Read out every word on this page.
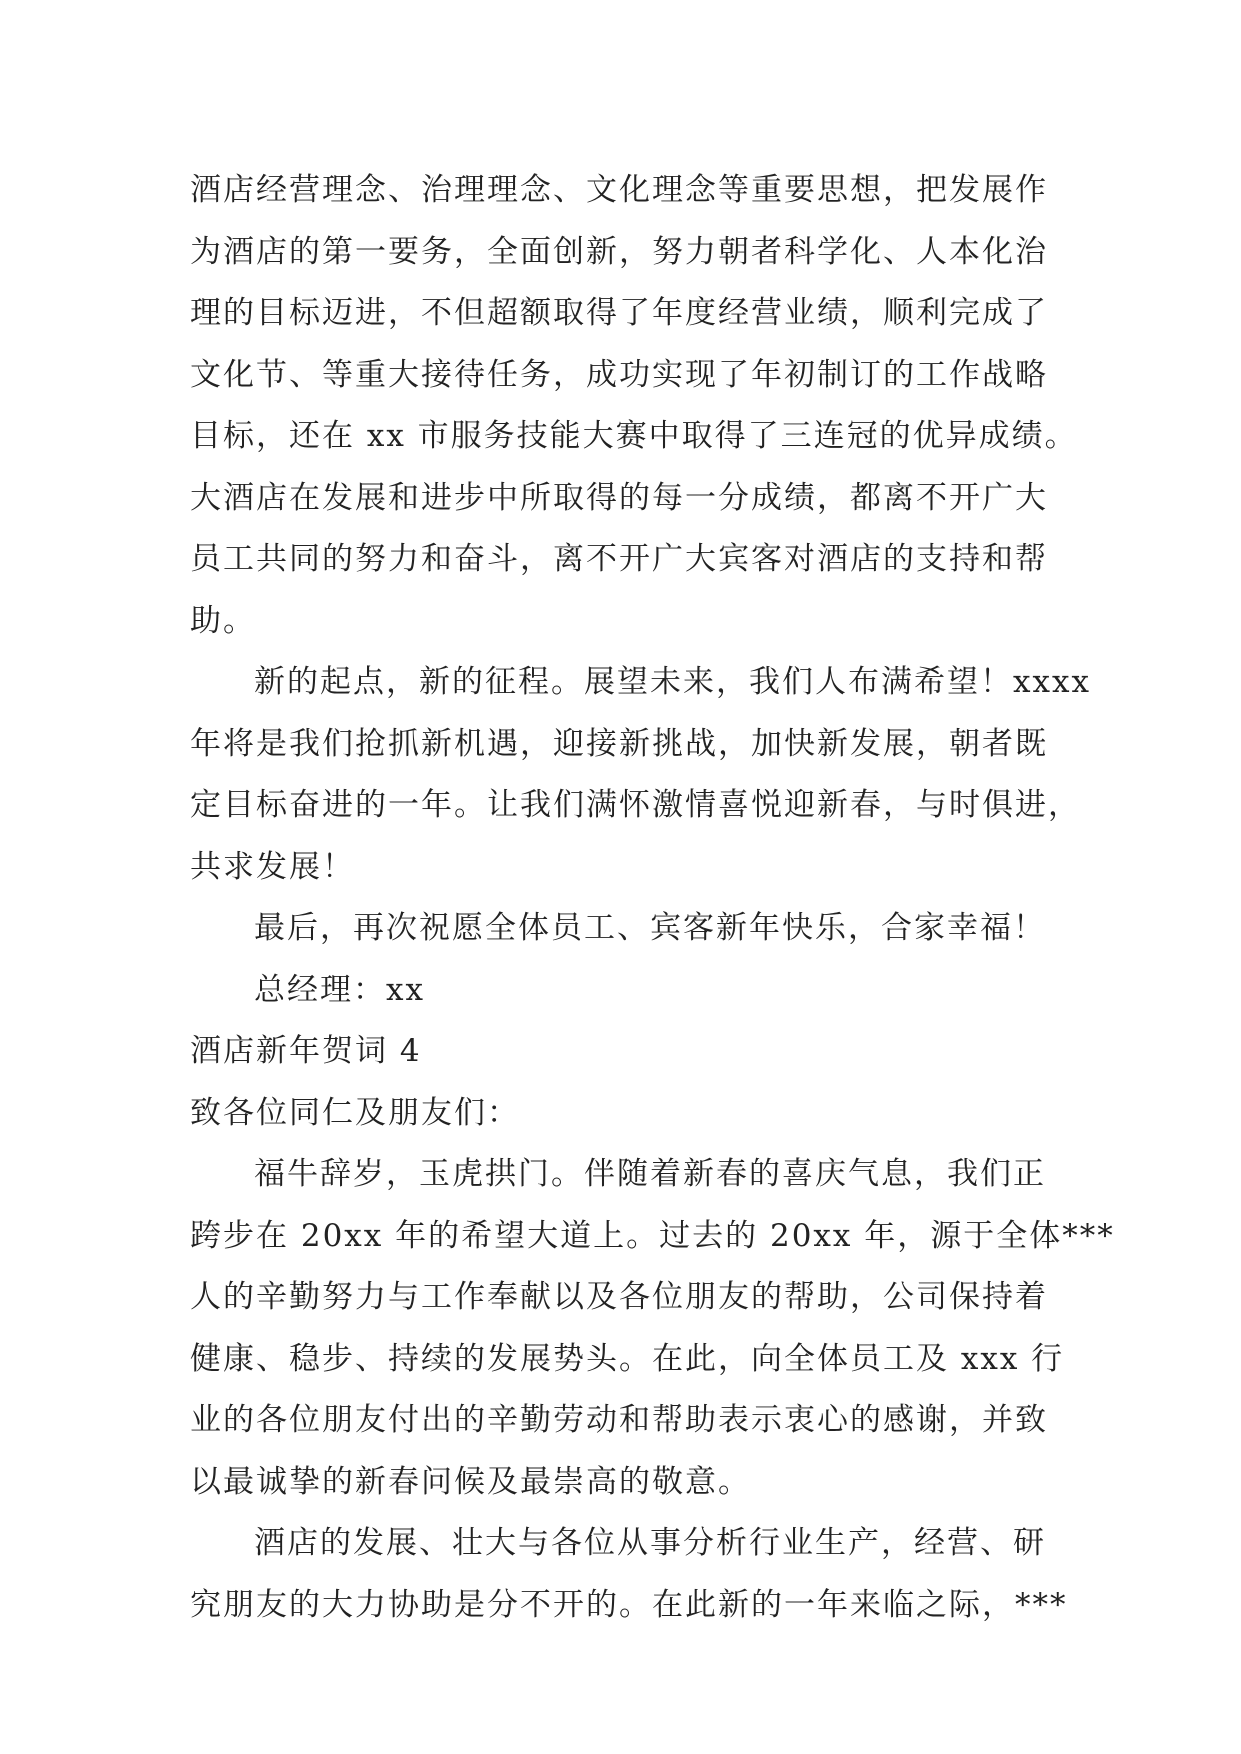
酒店经营理念、治理理念、文化理念等重要思想，把发展作
为酒店的第一要务，全面创新，努力朝者科学化、人本化治
理的目标迈进，不但超额取得了年度经营业绩，顺利完成了
文化节、等重大接待任务，成功实现了年初制订的工作战略
目标，还在 xx 市服务技能大赛中取得了三连冠的优异成绩。
大酒店在发展和进步中所取得的每一分成绩，都离不开广大
员工共同的努力和奋斗，离不开广大宾客对酒店的支持和帮
助。
新的起点，新的征程。展望未来，我们人布满希望！xxxx
年将是我们抢抓新机遇，迎接新挑战，加快新发展，朝者既
定目标奋进的一年。让我们满怀激情喜悦迎新春，与时俱进，
共求发展！
最后，再次祝愿全体员工、宾客新年快乐，合家幸福！
总经理：xx
酒店新年贺词 4
致各位同仁及朋友们：
福牛辞岁，玉虎拱门。伴随着新春的喜庆气息，我们正
跨步在 20xx 年的希望大道上。过去的 20xx 年，源于全体***
人的辛勤努力与工作奉献以及各位朋友的帮助，公司保持着
健康、稳步、持续的发展势头。在此，向全体员工及 xxx 行
业的各位朋友付出的辛勤劳动和帮助表示衷心的感谢，并致
以最诚挚的新春问候及最崇高的敬意。
酒店的发展、壮大与各位从事分析行业生产，经营、研
究朋友的大力协助是分不开的。在此新的一年来临之际，***
